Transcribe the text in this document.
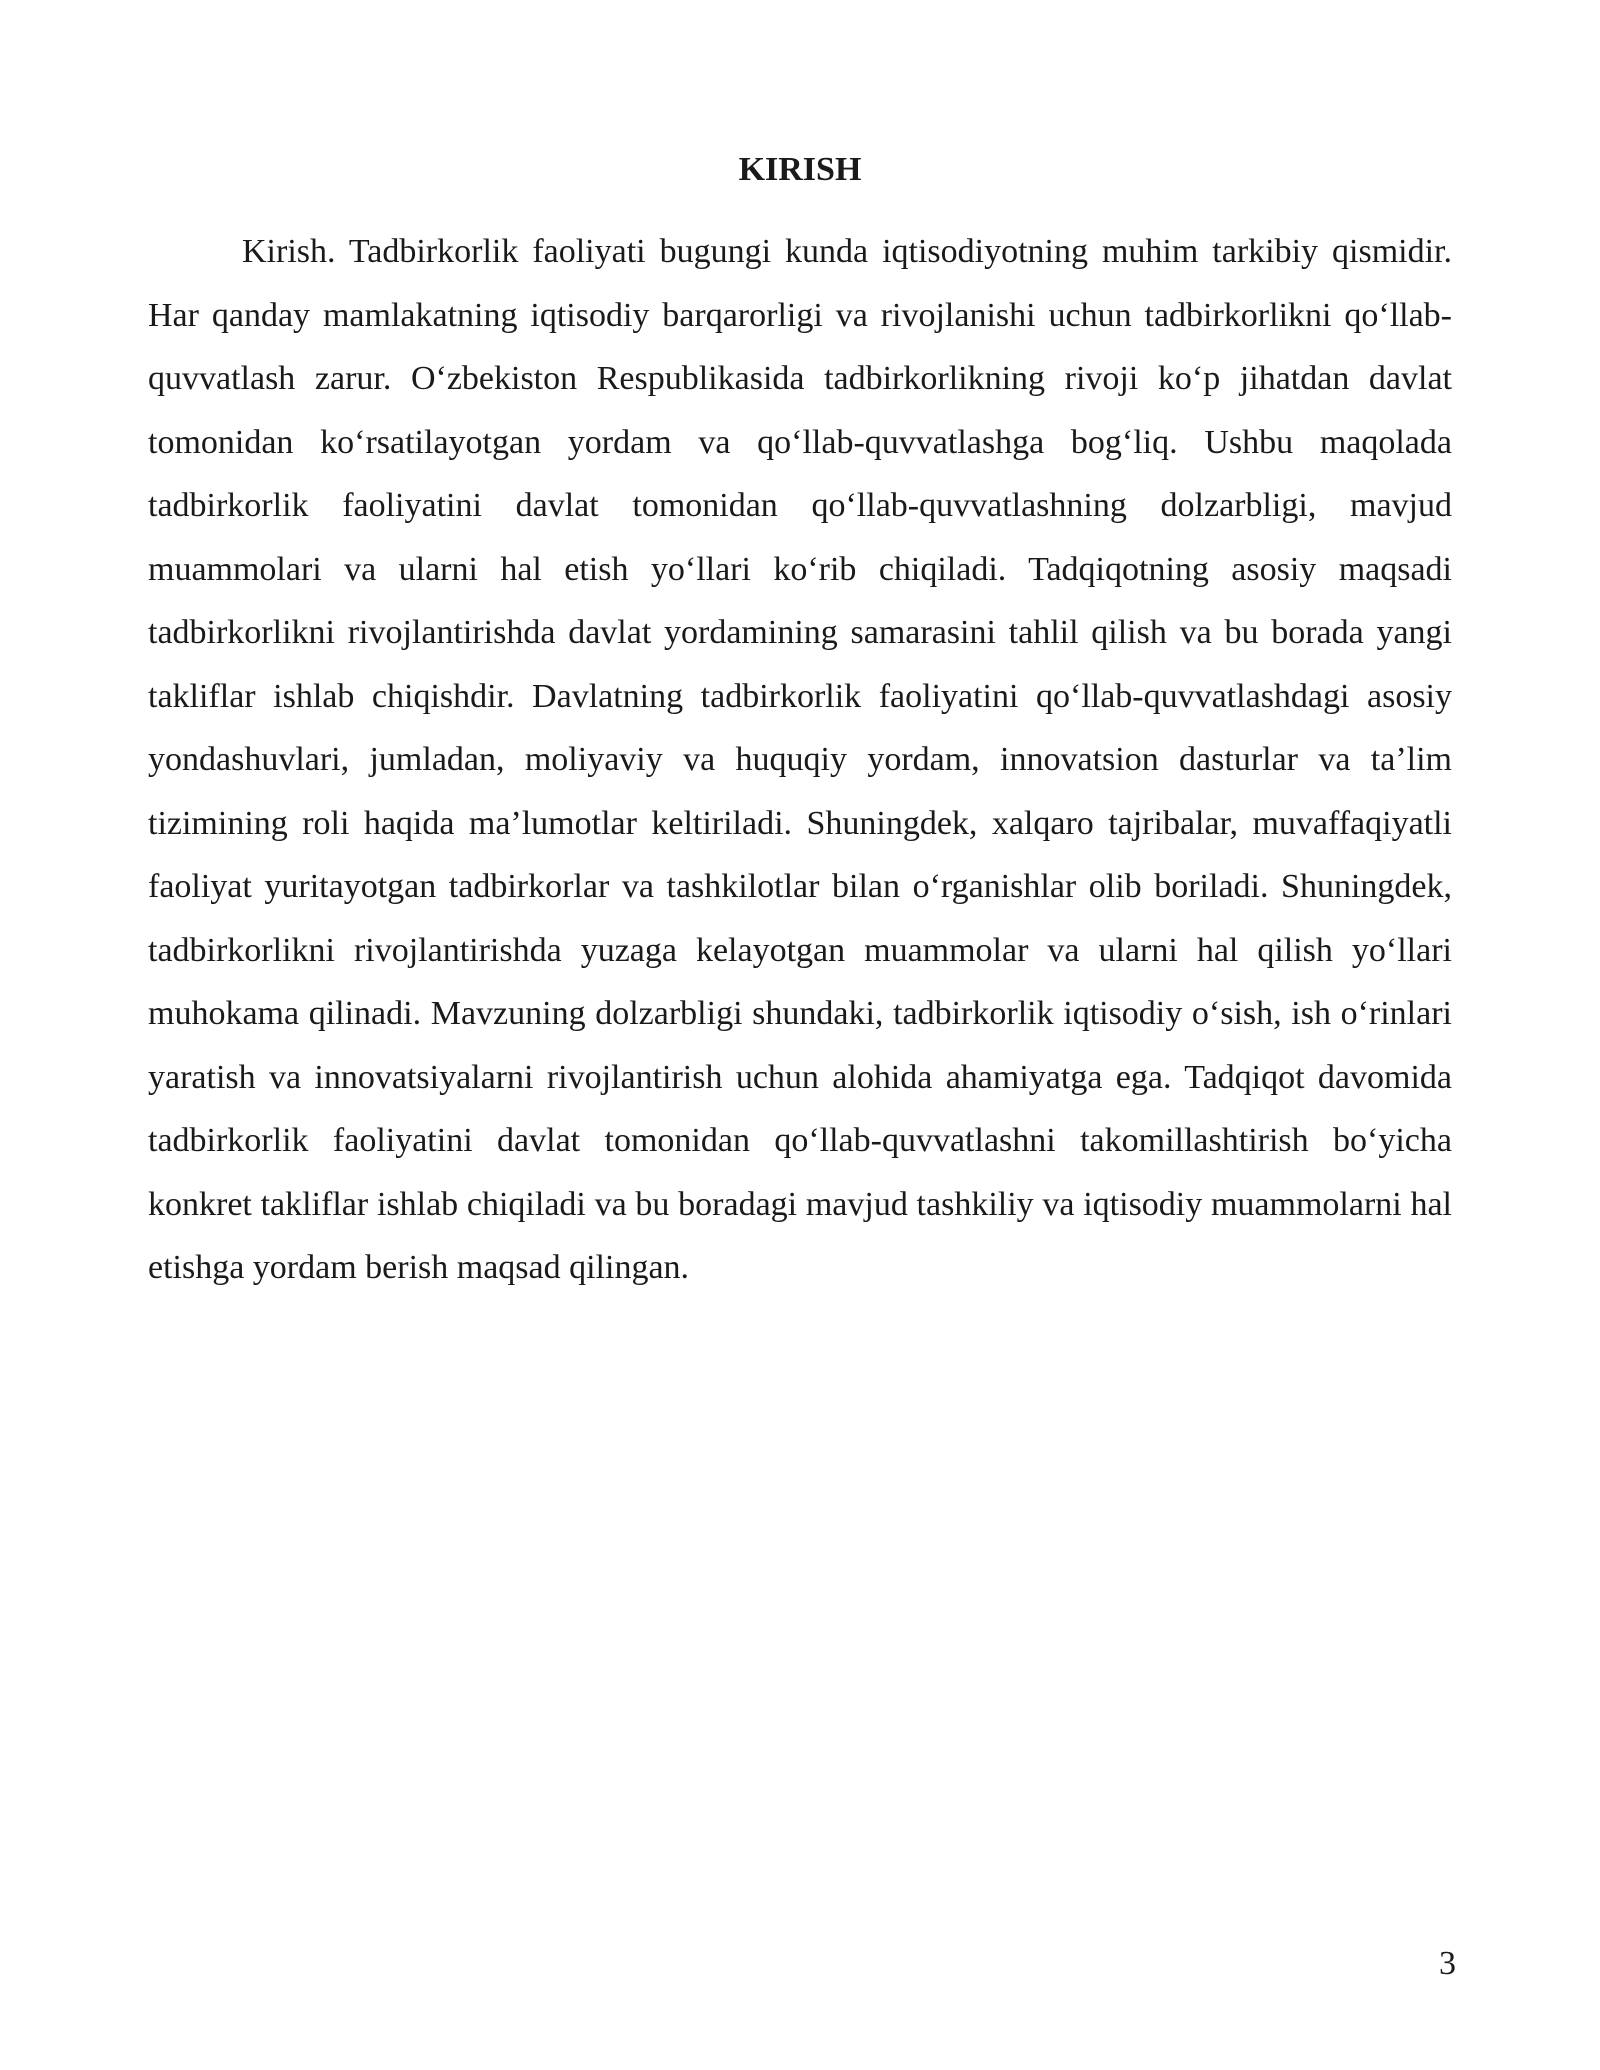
KIRISH

Kirish. Tadbirkorlik faoliyati bugungi kunda iqtisodiyotning muhim tarkibiy qismidir. Har qanday mamlakatning iqtisodiy barqarorligi va rivojlanishi uchun tadbirkorlikni qo‘llab-quvvatlash zarur. O‘zbekiston Respublikasida tadbirkorlikning rivoji ko‘p jihatdan davlat tomonidan ko‘rsatilayotgan yordam va qo‘llab-quvvatlashga bog‘liq. Ushbu maqolada tadbirkorlik faoliyatini davlat tomonidan qo‘llab-quvvatlashning dolzarbligi, mavjud muammolari va ularni hal etish yo‘llari ko‘rib chiqiladi. Tadqiqotning asosiy maqsadi tadbirkorlikni rivojlantirishda davlat yordamining samarasini tahlil qilish va bu borada yangi takliflar ishlab chiqishdir. Davlatning tadbirkorlik faoliyatini qo‘llab-quvvatlashdagi asosiy yondashuvlari, jumladan, moliyaviy va huquqiy yordam, innovatsion dasturlar va ta’lim tizimining roli haqida ma’lumotlar keltiriladi. Shuningdek, xalqaro tajribalar, muvaffaqiyatli faoliyat yuritayotgan tadbirkorlar va tashkilotlar bilan o‘rganishlar olib boriladi. Shuningdek, tadbirkorlikni rivojlantirishda yuzaga kelayotgan muammolar va ularni hal qilish yo‘llari muhokama qilinadi. Mavzuning dolzarbligi shundaki, tadbirkorlik iqtisodiy o‘sish, ish o‘rinlari yaratish va innovatsiyalarni rivojlantirish uchun alohida ahamiyatga ega. Tadqiqot davomida tadbirkorlik faoliyatini davlat tomonidan qo‘llab-quvvatlashni takomillashtirish bo‘yicha konkret takliflar ishlab chiqiladi va bu boradagi mavjud tashkiliy va iqtisodiy muammolarni hal etishga yordam berish maqsad qilingan.

3
